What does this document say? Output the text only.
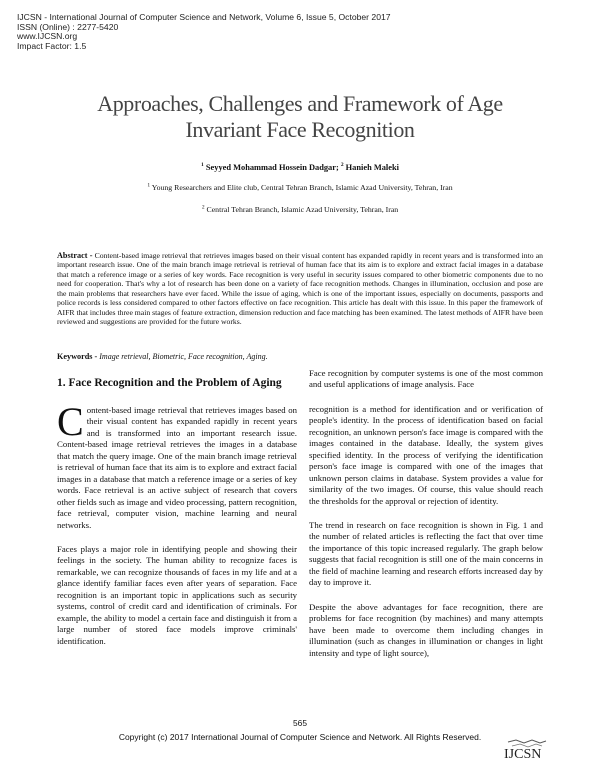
IJCSN - International Journal of Computer Science and Network, Volume 6, Issue 5, October 2017
ISSN (Online) : 2277-5420
www.IJCSN.org
Impact Factor: 1.5
Approaches, Challenges and Framework of Age
Invariant Face Recognition
$^1$ Seyyed Mohammad Hossein Dadgar; $^2$ Hanieh Maleki
$^1$ Young Researchers and Elite club, Central Tehran Branch, Islamic Azad University, Tehran, Iran
$^2$ Central Tehran Branch, Islamic Azad University, Tehran, Iran
Abstract - Content-based image retrieval that retrieves images based on their visual content has expanded rapidly in recent years and is transformed into an important research issue. One of the main branch image retrieval is retrieval of human face that its aim is to explore and extract facial images in a database that match a reference image or a series of key words. Face recognition is very useful in security issues compared to other biometric components due to no need for cooperation. That's why a lot of research has been done on a variety of face recognition methods. Changes in illumination, occlusion and pose are the main problems that researchers have ever faced. While the issue of aging, which is one of the important issues, especially on documents, passports and police records is less considered compared to other factors effective on face recognition. This article has dealt with this issue. In this paper the framework of AIFR that includes three main stages of feature extraction, dimension reduction and face matching has been examined. The latest methods of AIFR have been reviewed and suggestions are provided for the future works.
Keywords - Image retrieval, Biometric, Face recognition, Aging.
1. Face Recognition and the Problem of Aging

C ontent-based image retrieval that retrieves images based on their visual content has expanded rapidly in recent years and is transformed into an important research issue. Content-based image retrieval retrieves the images in a database that match the query image. One of the main branch image retrieval is retrieval of human face that its aim is to explore and extract facial images in a database that match a reference image or a series of key words. Face retrieval is an active subject of research that covers other fields such as image and video processing, pattern recognition, face retrieval, computer vision, machine learning and neural networks.

Faces plays a major role in identifying people and showing their feelings in the society. The human ability to recognize faces is remarkable, we can recognize thousands of faces in my life and at a glance identify familiar faces even after years of separation. Face recognition is an important topic in applications such as security systems, control of credit card and identification of criminals. For example, the ability to model a certain face and distinguish it from a large number of stored face models improve criminals' identification.

Face recognition by computer systems is one of the most common and useful applications of image analysis. Face

recognition is a method for identification and or verification of people's identity. In the process of identification based on facial recognition, an unknown person's face image is compared with the images contained in the database. Ideally, the system gives specified identity. In the process of verifying the identification person's face image is compared with one of the images that unknown person claims in database. System provides a value for similarity of the two images. Of course, this value should reach the thresholds for the approval or rejection of identity.

The trend in research on face recognition is shown in Fig. 1 and the number of related articles is reflecting the fact that over time the importance of this topic increased regularly. The graph below suggests that facial recognition is still one of the main concerns in the field of machine learning and research efforts increased day by day to improve it.

Despite the above advantages for face recognition, there are problems for face recognition (by machines) and many attempts have been made to overcome them including changes in illumination (such as changes in illumination or changes in light intensity and type of light source),

565
Copyright (c) 2017 International Journal of Computer Science and Network. All Rights Reserved.
IJCSN
